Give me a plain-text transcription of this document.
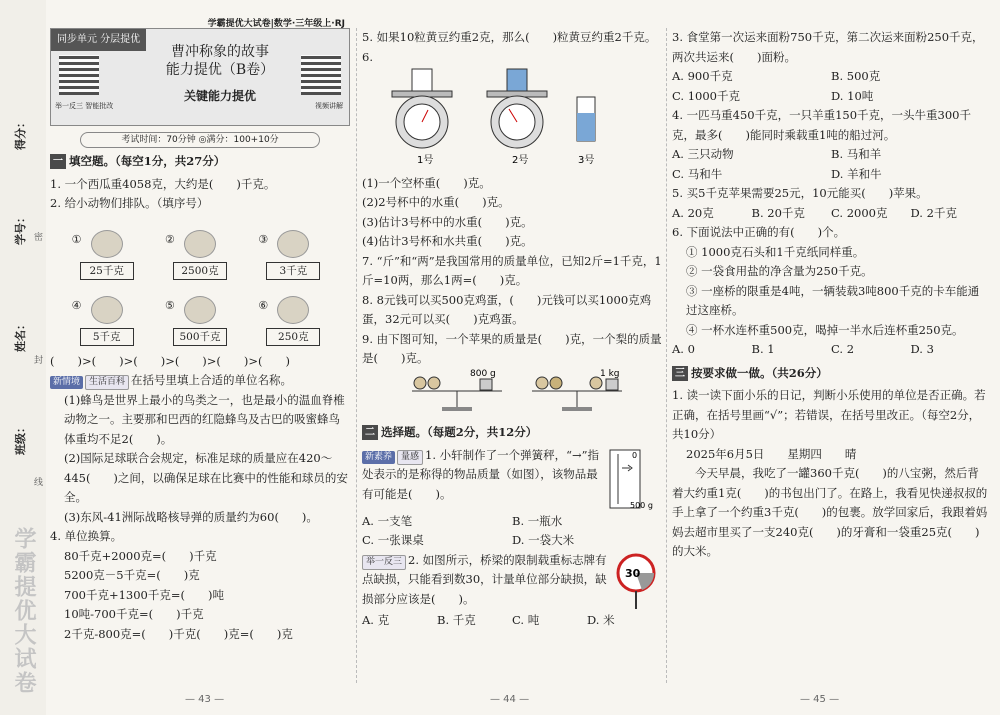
得分：
学号：
姓名：
班级：
密
封
线
学霸提优大试卷
同步单元 分层提优
学霸提优大试卷|数学·三年级上·RJ
举一反三 智能批改	视频讲解
曹冲称象的故事
能力提优（B卷）
关键能力提优
考试时间：70分钟 ◎满分：100+10分
一 填空题。（每空1分，共27分）

1. 一个西瓜重4058克，大约是(　　)千克。

2. 给小动物们排队。（填序号）

①
25千克
②
2500克
③
3千克
④
5千克
⑤
500千克
⑥
250克

(　　)>(　　)>(　　)>(　　)>(　　)>(　　)

新情境 生活百科 在括号里填上合适的单位名称。

(1)蜂鸟是世界上最小的鸟类之一，也是最小的温血脊椎动物之一。主要那和巴西的红隐蜂鸟及古巴的吸蜜蜂鸟体重均不足2(　　)。

(2)国际足球联合会规定，标准足球的质量应在420～445(　　)之间，以确保足球在比赛中的性能和球员的安全。

(3)东风-41洲际战略核导弹的质量约为60(　　)。

4. 单位换算。

80千克+2000克=(　　)千克

5200克－5千克=(　　)克

700千克+1300千克=(　　)吨

10吨-700千克=(　　)千克

2千克-800克=(　　)千克(　　)克=(　　)克

— 43 —

5. 如果10粒黄豆约重2克，那么(　　)粒黄豆约重2千克。

6.

1号	2号	3号

(1)一个空杯重(　　)克。

(2)2号杯中的水重(　　)克。

(3)估计3号杯中的水重(　　)克。

(4)估计3号杯和水共重(　　)克。

7. “斤”和“两”是我国常用的质量单位，已知2斤=1千克，1斤=10两，那么1两=(　　)克。

8. 8元钱可以买500克鸡蛋，(　　)元钱可以买1000克鸡蛋，32元可以买(　　)克鸡蛋。

9. 由下图可知，一个苹果的质量是(　　)克，一个梨的质量是(　　)克。

800 g	1 kg
二 选择题。（每题2分，共12分）

新素养 量感 1. 小轩制作了一个弹簧秤，“→”指处表示的是称得的物品质量（如图），该物品最有可能是(　　)。

0
500 g
A. 一支笔	B. 一瓶水
C. 一张课桌	D. 一袋大米

举一反三 2. 如图所示，桥梁的限制载重标志牌有点缺损，只能看到数30，计量单位部分缺损，缺损部分应该是(　　)。

30
A. 克	B. 千克	C. 吨	D. 米
— 44 —

3. 食堂第一次运来面粉750千克，第二次运来面粉250千克，两次共运来(　　)面粉。

A. 900千克	B. 500克
C. 1000千克	D. 10吨

4. 一匹马重450千克，一只羊重150千克，一头牛重300千克，最多(　　)能同时乘载重1吨的船过河。

A. 三只动物	B. 马和羊
C. 马和牛	D. 羊和牛

5. 买5千克苹果需要25元，10元能买(　　)苹果。

A. 20克	B. 20千克	C. 2000克	D. 2千克

6. 下面说法中正确的有(　　)个。

① 1000克石头和1千克纸同样重。

② 一袋食用盐的净含量为250千克。

③ 一座桥的限重是4吨，一辆装载3吨800千克的卡车能通过这座桥。

④ 一杯水连杯重500克，喝掉一半水后连杯重250克。

A. 0	B. 1	C. 2	D. 3
三 按要求做一做。（共26分）

1. 读一读下面小乐的日记，判断小乐使用的单位是否正确。若正确，在括号里画“√”；若错误，在括号里改正。（每空2分，共10分）

2025年6月5日　　星期四　　晴

今天早晨，我吃了一罐360千克(　　)的八宝粥，然后背着大约重1克(　　)的书包出门了。在路上，我看见快递叔叔的手上拿了一个约重3千克(　　)的包裹。放学回家后，我跟着妈妈去超市里买了一支240克(　　)的牙膏和一袋重25克(　　)的大米。

— 45 —
